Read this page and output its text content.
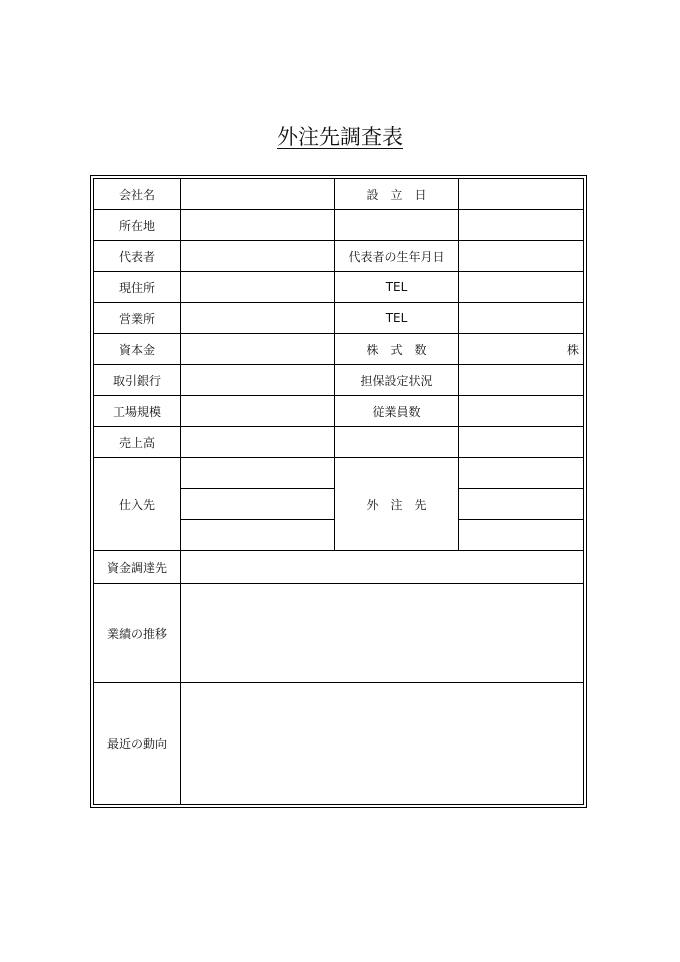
外注先調査表
会社名		設　立　日	
所在地			
代表者		代表者の生年月日	
現住所		TEL	
営業所		TEL	
資本金		株　式　数	株
取引銀行		担保設定状況	
工場規模		従業員数	
売上高			
仕入先		外　注　先	

資金調達先			
業績の推移			
最近の動向			
